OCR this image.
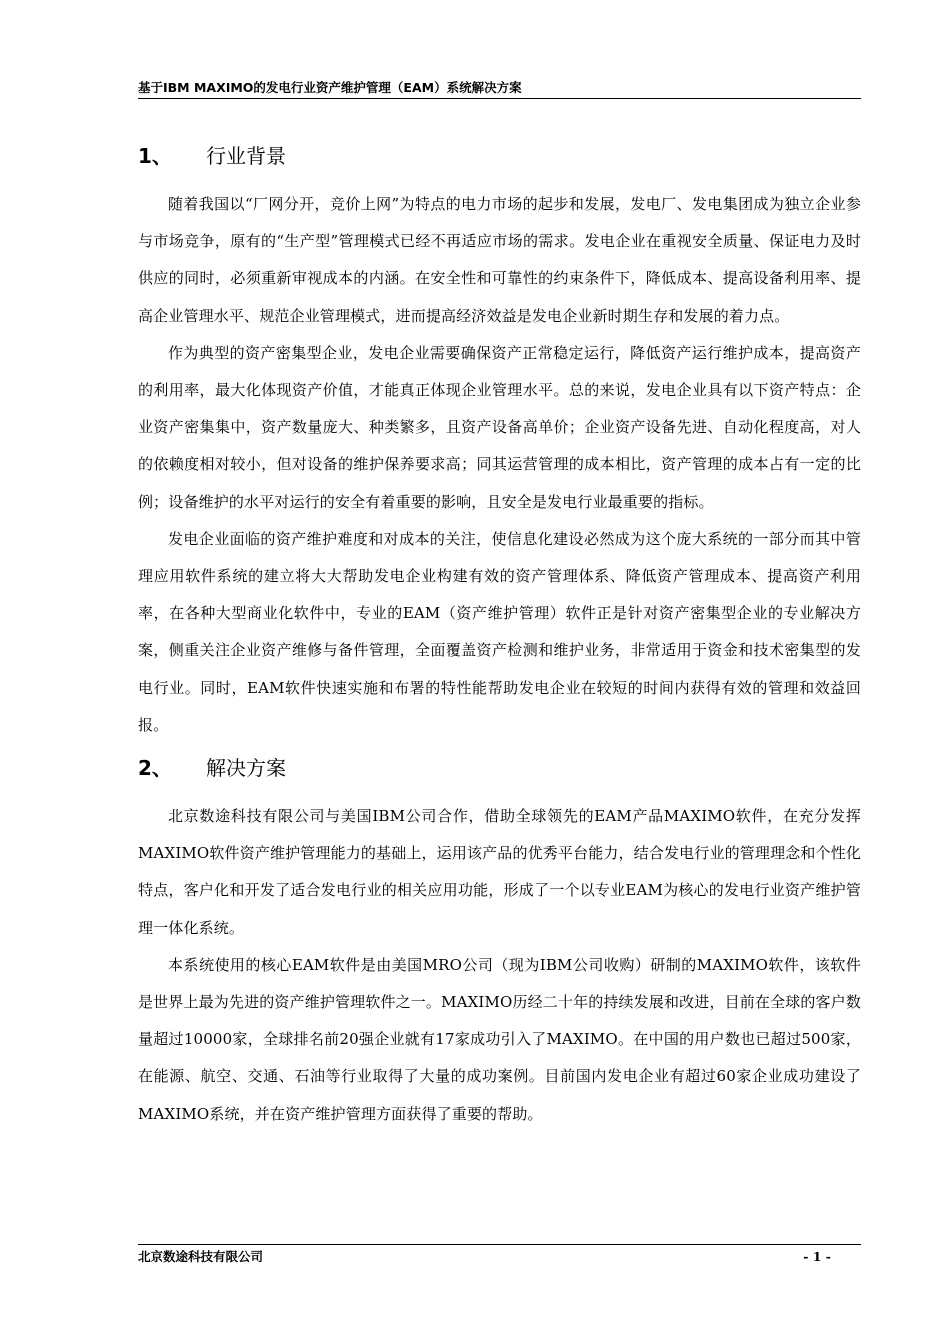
基于IBM MAXIMO的发电行业资产维护管理（EAM）系统解决方案
1、	行业背景

随着我国以“厂网分开，竞价上网”为特点的电力市场的起步和发展，发电厂、发电集团成为独立企业参与市场竞争，原有的“生产型”管理模式已经不再适应市场的需求。发电企业在重视安全质量、保证电力及时供应的同时，必须重新审视成本的内涵。在安全性和可靠性的约束条件下，降低成本、提高设备利用率、提高企业管理水平、规范企业管理模式，进而提高经济效益是发电企业新时期生存和发展的着力点。

作为典型的资产密集型企业，发电企业需要确保资产正常稳定运行，降低资产运行维护成本，提高资产的利用率，最大化体现资产价值，才能真正体现企业管理水平。总的来说，发电企业具有以下资产特点：企业资产密集集中，资产数量庞大、种类繁多，且资产设备高单价；企业资产设备先进、自动化程度高，对人的依赖度相对较小，但对设备的维护保养要求高；同其运营管理的成本相比，资产管理的成本占有一定的比例；设备维护的水平对运行的安全有着重要的影响，且安全是发电行业最重要的指标。

发电企业面临的资产维护难度和对成本的关注，使信息化建设必然成为这个庞大系统的一部分而其中管理应用软件系统的建立将大大帮助发电企业构建有效的资产管理体系、降低资产管理成本、提高资产利用率，在各种大型商业化软件中，专业的EAM（资产维护管理）软件正是针对资产密集型企业的专业解决方案，侧重关注企业资产维修与备件管理，全面覆盖资产检测和维护业务，非常适用于资金和技术密集型的发电行业。同时，EAM软件快速实施和布署的特性能帮助发电企业在较短的时间内获得有效的管理和效益回报。

2、	解决方案

北京数途科技有限公司与美国IBM公司合作，借助全球领先的EAM产品MAXIMO软件，在充分发挥MAXIMO软件资产维护管理能力的基础上，运用该产品的优秀平台能力，结合发电行业的管理理念和个性化特点，客户化和开发了适合发电行业的相关应用功能，形成了一个以专业EAM为核心的发电行业资产维护管理一体化系统。

本系统使用的核心EAM软件是由美国MRO公司（现为IBM公司收购）研制的MAXIMO软件，该软件是世界上最为先进的资产维护管理软件之一。MAXIMO历经二十年的持续发展和改进，目前在全球的客户数量超过10000家，全球排名前20强企业就有17家成功引入了MAXIMO。在中国的用户数也已超过500家，在能源、航空、交通、石油等行业取得了大量的成功案例。目前国内发电企业有超过60家企业成功建设了MAXIMO系统，并在资产维护管理方面获得了重要的帮助。

北京数途科技有限公司	- 1 -
